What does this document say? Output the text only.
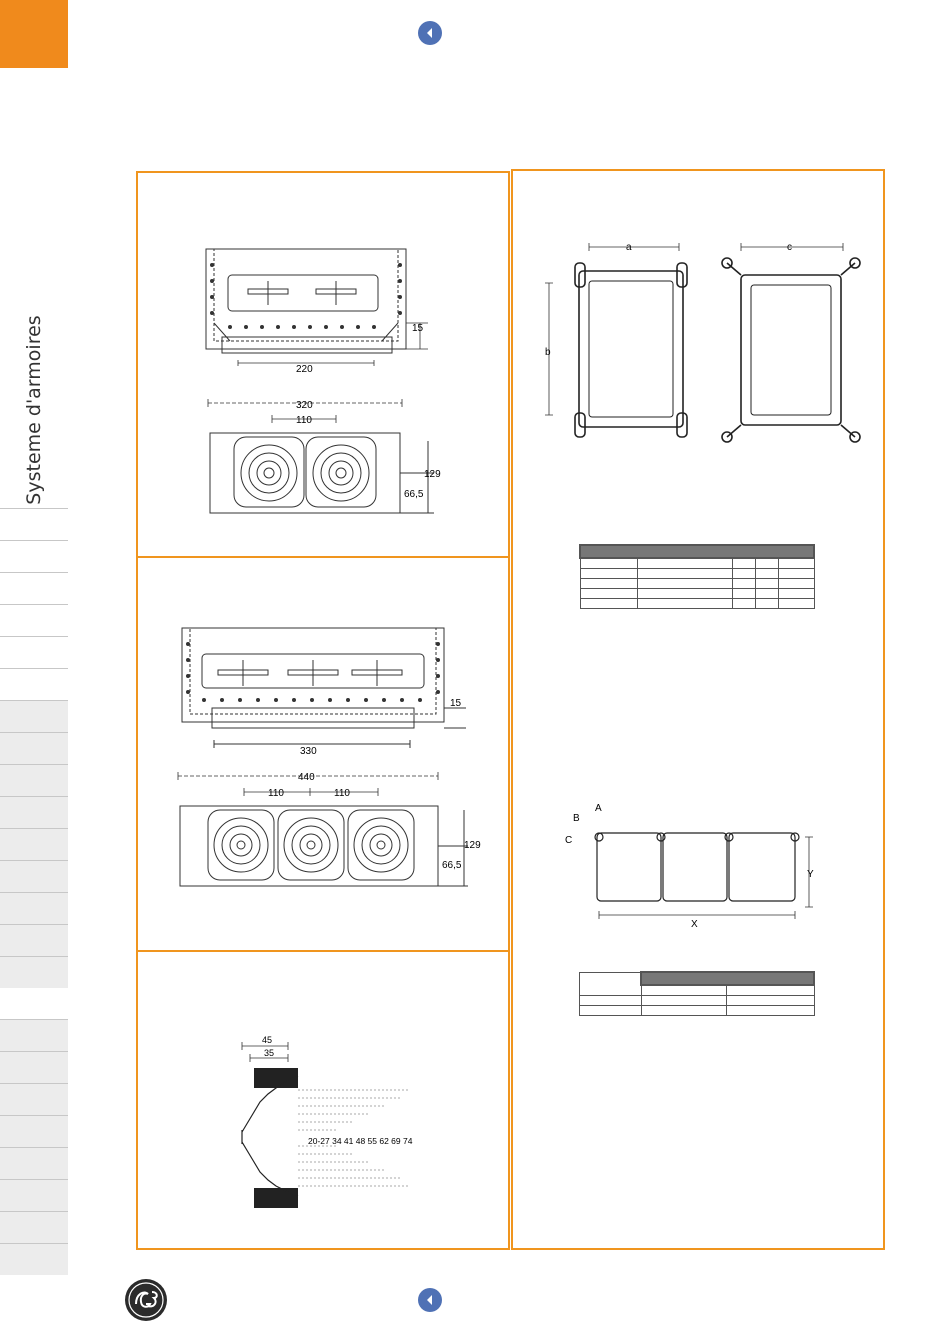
Systeme d'armoires	15
220
320
110
129
66,5
15
330
440
110	110
129
66,5
45
35
20-27 34 41 48 55 62 69 74
a
b
c
A
B
C
X
Y
